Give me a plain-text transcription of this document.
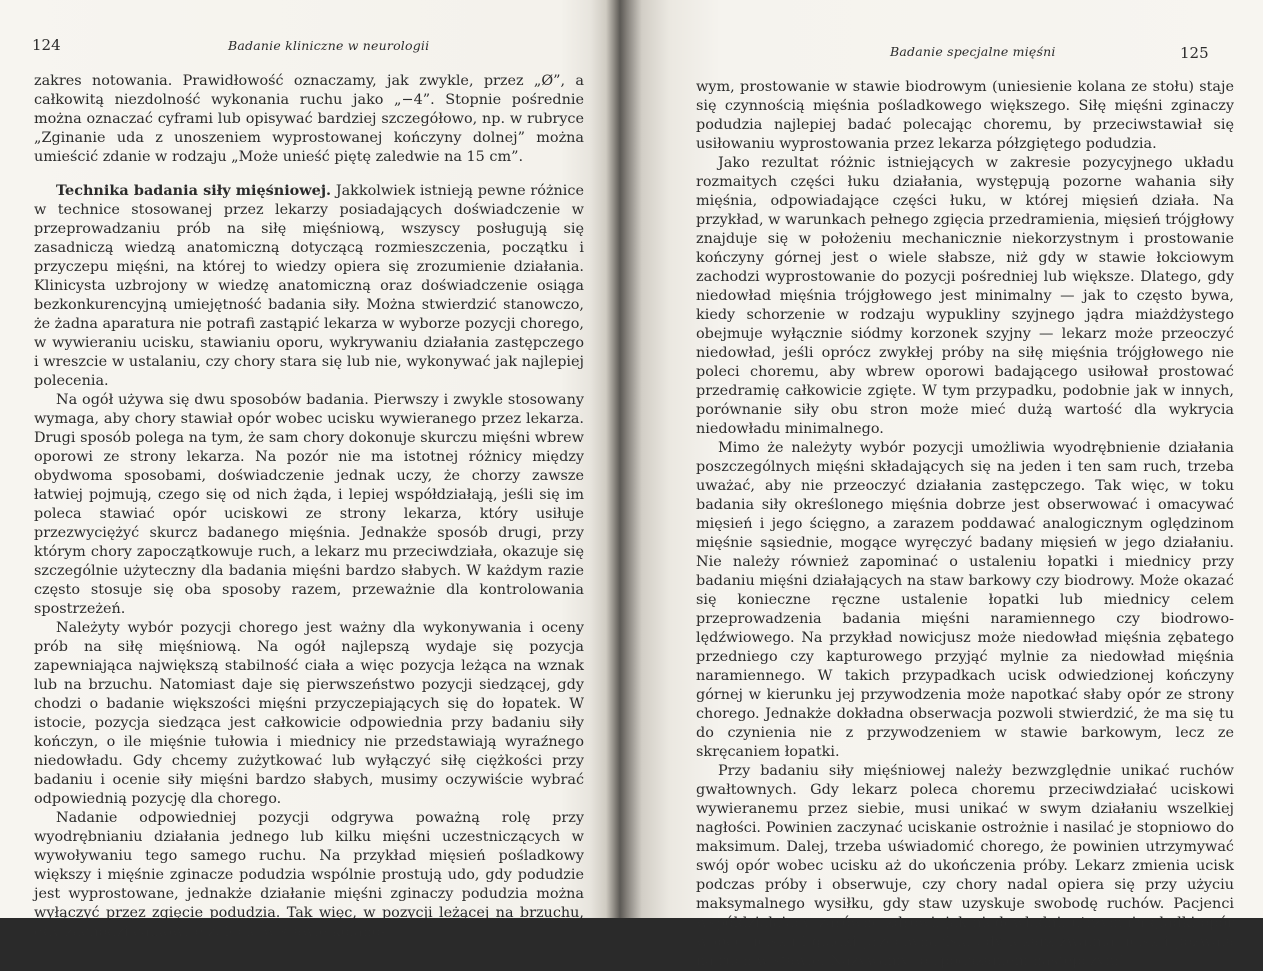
124	Badanie kliniczne w neurologii

zakres notowania. Prawidłowość oznaczamy, jak zwykle, przez „Ø”, a całkowitą niezdolność wykonania ruchu jako „−4”. Stopnie pośrednie można oznaczać cyframi lub opisywać bardziej szczegółowo, np. w rubryce „Zginanie uda z unoszeniem wyprostowanej kończyny dolnej” można umieścić zdanie w rodzaju „Może unieść piętę zaledwie na 15 cm”.

Technika badania siły mięśniowej. Jakkolwiek istnieją pewne różnice w technice stosowanej przez lekarzy posiadających doświadczenie w przeprowadzaniu prób na siłę mięśniową, wszyscy posługują się zasadniczą wiedzą anatomiczną dotyczącą rozmieszczenia, początku i przyczepu mięśni, na której to wiedzy opiera się zrozumienie działania. Klinicysta uzbrojony w wiedzę anatomiczną oraz doświadczenie osiąga bezkonkurencyjną umiejętność badania siły. Można stwierdzić stanowczo, że żadna aparatura nie potrafi zastąpić lekarza w wyborze pozycji chorego, w wywieraniu ucisku, stawianiu oporu, wykrywaniu działania zastępczego i wreszcie w ustalaniu, czy chory stara się lub nie, wykonywać jak najlepiej polecenia.

Na ogół używa się dwu sposobów badania. Pierwszy i zwykle stosowany wymaga, aby chory stawiał opór wobec ucisku wywieranego przez lekarza. Drugi sposób polega na tym, że sam chory dokonuje skurczu mięśni wbrew oporowi ze strony lekarza. Na pozór nie ma istotnej różnicy między obydwoma sposobami, doświadczenie jednak uczy, że chorzy zawsze łatwiej pojmują, czego się od nich żąda, i lepiej współdziałają, jeśli się im poleca stawiać opór uciskowi ze strony lekarza, który usiłuje przezwyciężyć skurcz badanego mięśnia. Jednakże sposób drugi, przy którym chory zapoczątkowuje ruch, a lekarz mu przeciwdziała, okazuje się szczególnie użyteczny dla badania mięśni bardzo słabych. W każdym razie często stosuje się oba sposoby razem, przeważnie dla kontrolowania spostrzeżeń.

Należyty wybór pozycji chorego jest ważny dla wykonywania i oceny prób na siłę mięśniową. Na ogół najlepszą wydaje się pozycja zapewniająca największą stabilność ciała a więc pozycja leżąca na wznak lub na brzuchu. Natomiast daje się pierwszeństwo pozycji siedzącej, gdy chodzi o badanie większości mięśni przyczepiających się do łopatek. W istocie, pozycja siedząca jest całkowicie odpowiednia przy badaniu siły kończyn, o ile mięśnie tułowia i miednicy nie przedstawiają wyraźnego niedowładu. Gdy chcemy zużytkować lub wyłączyć siłę ciężkości przy badaniu i ocenie siły mięśni bardzo słabych, musimy oczywiście wybrać odpowiednią pozycję dla chorego.

Nadanie odpowiedniej pozycji odgrywa poważną rolę przy wyodrębnianiu działania jednego lub kilku mięśni uczestniczących w wywoływaniu tego samego ruchu. Na przykład mięsień pośladkowy większy i mięśnie zginacze podudzia wspólnie prostują udo, gdy podudzie jest wyprostowane, jednakże działanie mięśni zginaczy podudzia można wyłączyć przez zgięcie podudzia. Tak więc, w pozycji leżącej na brzuchu, gdy zachodzi całkowite zgięcie w stawie kolano-

Badanie specjalne mięśni	125

wym, prostowanie w stawie biodrowym (uniesienie kolana ze stołu) staje się czynnością mięśnia pośladkowego większego. Siłę mięśni zginaczy podudzia najlepiej badać polecając choremu, by przeciwstawiał się usiłowaniu wyprostowania przez lekarza półzgiętego podudzia.

Jako rezultat różnic istniejących w zakresie pozycyjnego układu rozmaitych części łuku działania, występują pozorne wahania siły mięśnia, odpowiadające części łuku, w której mięsień działa. Na przykład, w warunkach pełnego zgięcia przedramienia, mięsień trójgłowy znajduje się w położeniu mechanicznie niekorzystnym i prostowanie kończyny górnej jest o wiele słabsze, niż gdy w stawie łokciowym zachodzi wyprostowanie do pozycji pośredniej lub większe. Dlatego, gdy niedowład mięśnia trójgłowego jest minimalny — jak to często bywa, kiedy schorzenie w rodzaju wypukliny szyjnego jądra miażdżystego obejmuje wyłącznie siódmy korzonek szyjny — lekarz może przeoczyć niedowład, jeśli oprócz zwykłej próby na siłę mięśnia trójgłowego nie poleci choremu, aby wbrew oporowi badającego usiłował prostować przedramię całkowicie zgięte. W tym przypadku, podobnie jak w innych, porównanie siły obu stron może mieć dużą wartość dla wykrycia niedowładu minimalnego.

Mimo że należyty wybór pozycji umożliwia wyodrębnienie działania poszczególnych mięśni składających się na jeden i ten sam ruch, trzeba uważać, aby nie przeoczyć działania zastępczego. Tak więc, w toku badania siły określonego mięśnia dobrze jest obserwować i omacywać mięsień i jego ścięgno, a zarazem poddawać analogicznym oględzinom mięśnie sąsiednie, mogące wyręczyć badany mięsień w jego działaniu. Nie należy również zapominać o ustaleniu łopatki i miednicy przy badaniu mięśni działających na staw barkowy czy biodrowy. Może okazać się konieczne ręczne ustalenie łopatki lub miednicy celem przeprowadzenia badania mięśni naramiennego czy biodrowo-lędźwiowego. Na przykład nowicjusz może niedowład mięśnia zębatego przedniego czy kapturowego przyjąć mylnie za niedowład mięśnia naramiennego. W takich przypadkach ucisk odwiedzionej kończyny górnej w kierunku jej przywodzenia może napotkać słaby opór ze strony chorego. Jednakże dokładna obserwacja pozwoli stwierdzić, że ma się tu do czynienia nie z przywodzeniem w stawie barkowym, lecz ze skręcaniem łopatki.

Przy badaniu siły mięśniowej należy bezwzględnie unikać ruchów gwałtownych. Gdy lekarz poleca choremu przeciwdziałać uciskowi wywieranemu przez siebie, musi unikać w swym działaniu wszelkiej nagłości. Powinien zaczynać uciskanie ostrożnie i nasilać je stopniowo do maksimum. Dalej, trzeba uświadomić chorego, że powinien utrzymywać swój opór wobec ucisku aż do ukończenia próby. Lekarz zmienia ucisk podczas próby i obserwuje, czy chory nadal opiera się przy użyciu maksymalnego wysiłku, gdy staw uzyskuje swobodę ruchów. Pacjenci współdziałający, zarówno zdrowi, jak niedowładni, utrzymują gładki opór wobec ucisku i gładki przeciwnacisk, gdy lekarz zwalnia ucisk i pozwala na ruch w stawie. Nazywamy to „podążaniem następczym”.
